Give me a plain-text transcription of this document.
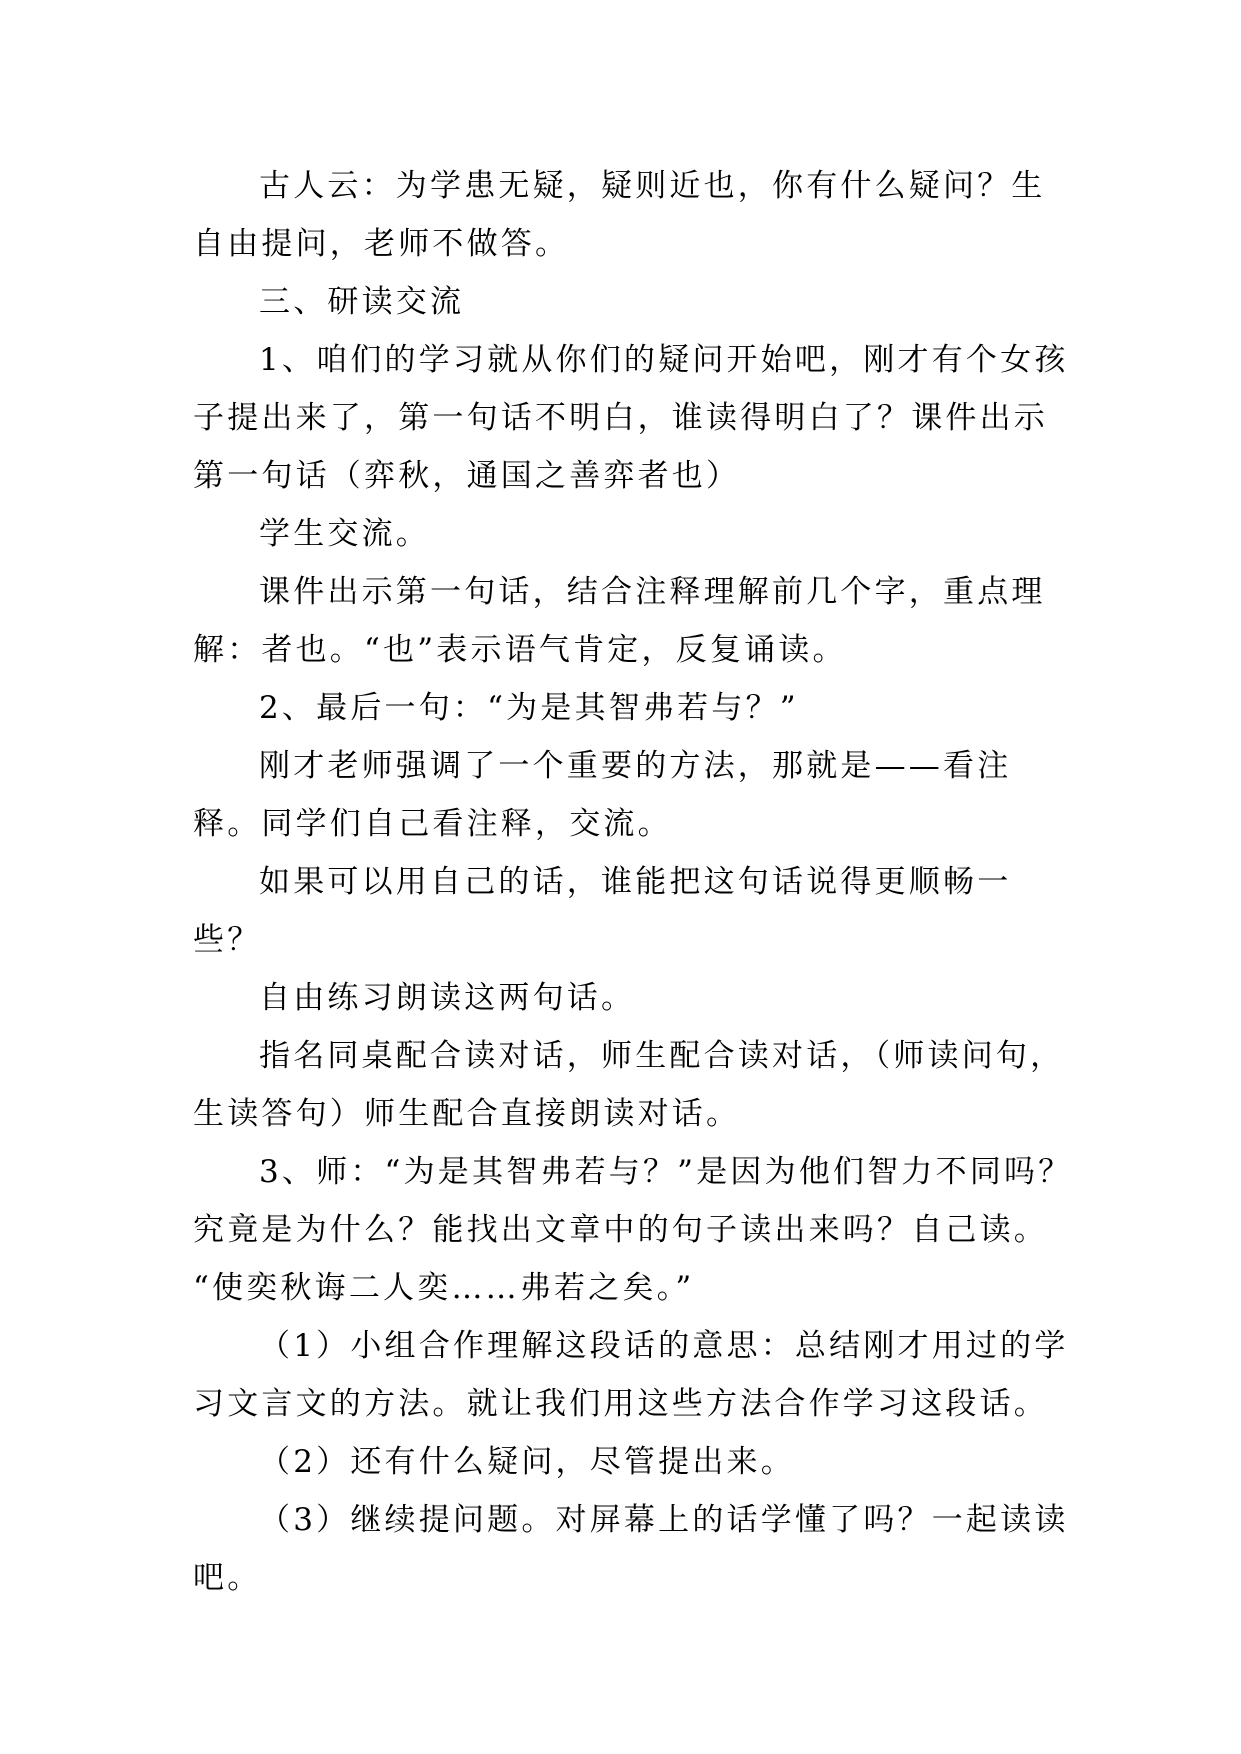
古人云：为学患无疑，疑则近也，你有什么疑问？生自由提问，老师不做答。

三、研读交流

1、咱们的学习就从你们的疑问开始吧，刚才有个女孩子提出来了，第一句话不明白，谁读得明白了？课件出示第一句话（弈秋，通国之善弈者也）

学生交流。

课件出示第一句话，结合注释理解前几个字，重点理解：者也。“也”表示语气肯定，反复诵读。

2、最后一句：“为是其智弗若与？”

刚才老师强调了一个重要的方法，那就是——看注释。同学们自己看注释，交流。

如果可以用自己的话，谁能把这句话说得更顺畅一些？

自由练习朗读这两句话。

指名同桌配合读对话，师生配合读对话，（师读问句，生读答句）师生配合直接朗读对话。

3、师：“为是其智弗若与？”是因为他们智力不同吗？究竟是为什么？能找出文章中的句子读出来吗？自己读。

“使奕秋诲二人奕……弗若之矣。”

（1）小组合作理解这段话的意思：总结刚才用过的学习文言文的方法。就让我们用这些方法合作学习这段话。

（2）还有什么疑问，尽管提出来。

（3）继续提问题。对屏幕上的话学懂了吗？一起读读吧。
